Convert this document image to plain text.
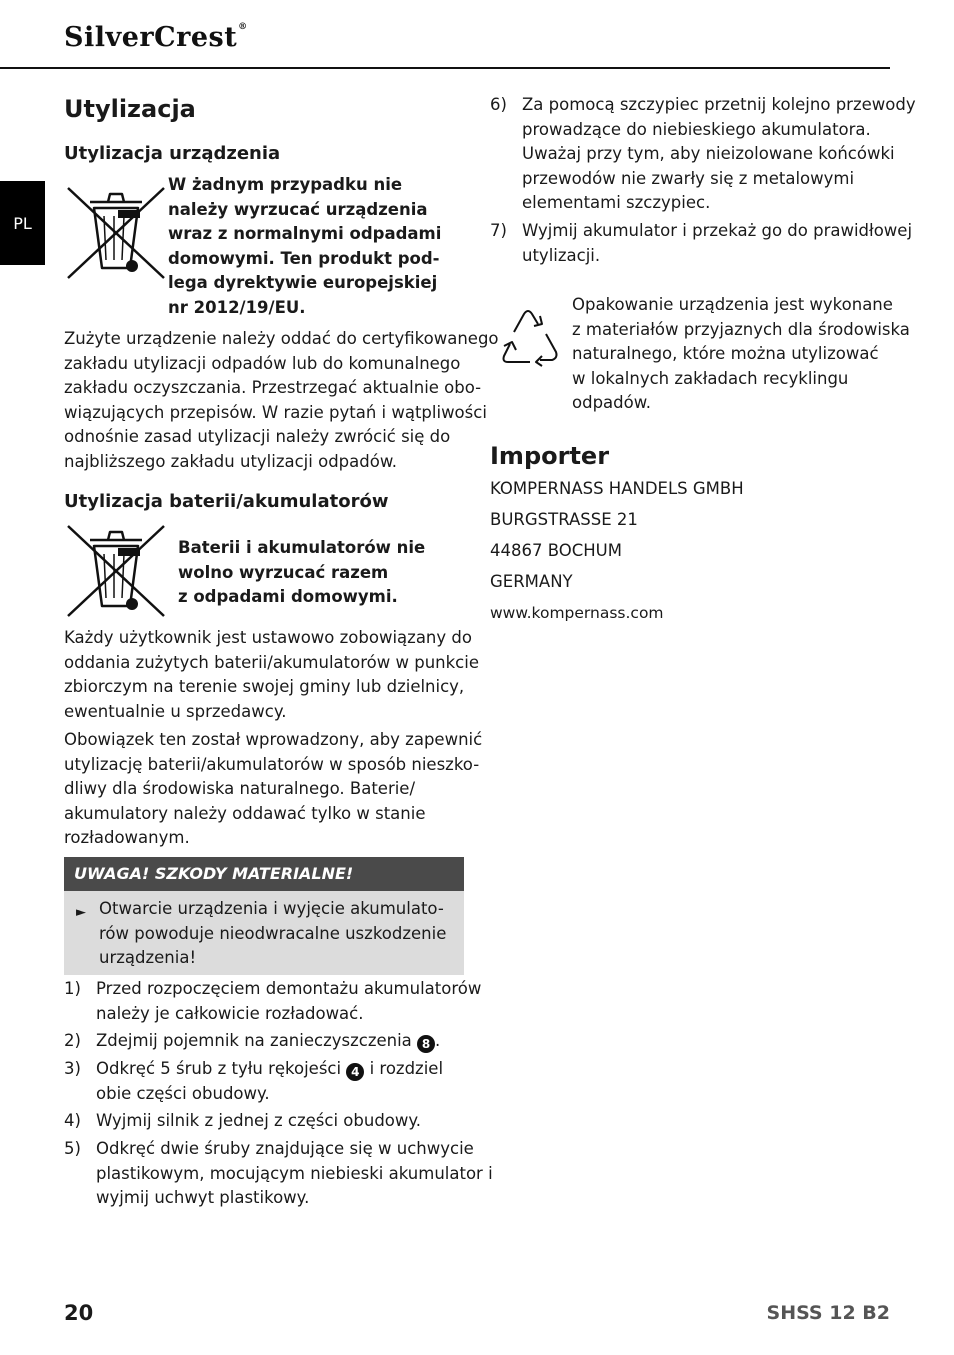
SilverCrest®
PL
Utylizacja
Utylizacja urządzenia
W żadnym przypadku nie
należy wyrzucać urządzenia
wraz z normalnymi odpadami
domowymi. Ten produkt pod-
lega dyrektywie europejskiej
nr 2012/19/EU.
Zużyte urządzenie należy oddać do certyfikowanego
zakładu utylizacji odpadów lub do komunalnego
zakładu oczyszczania. Przestrzegać aktualnie obo-
wiązujących przepisów. W razie pytań i wątpliwości
odnośnie zasad utylizacji należy zwrócić się do
najbliższego zakładu utylizacji odpadów.
Utylizacja baterii/akumulatorów
Baterii i akumulatorów nie
wolno wyrzucać razem
z odpadami domowymi.
Każdy użytkownik jest ustawowo zobowiązany do
oddania zużytych baterii/akumulatorów w punkcie
zbiorczym na terenie swojej gminy lub dzielnicy,
ewentualnie u sprzedawcy.
Obowiązek ten został wprowadzony, aby zapewnić
utylizację baterii/akumulatorów w sposób nieszko-
dliwy dla środowiska naturalnego. Baterie/
akumulatory należy oddawać tylko w stanie
rozładowanym.
UWAGA! SZKODY MATERIALNE!
► Otwarcie urządzenia i wyjęcie akumulato-
rów powoduje nieodwracalne uszkodzenie
urządzenia!
1) Przed rozpoczęciem demontażu akumulatorów
należy je całkowicie rozładować.
2) Zdejmij pojemnik na zanieczyszczenia 8 .
3) Odkręć 5 śrub z tyłu rękojeści 4 i rozdziel
obie części obudowy.
4) Wyjmij silnik z jednej z części obudowy.
5) Odkręć dwie śruby znajdujące się w uchwycie
plastikowym, mocującym niebieski akumulator i
wyjmij uchwyt plastikowy.
6) Za pomocą szczypiec przetnij kolejno przewody
prowadzące do niebieskiego akumulatora.
Uważaj przy tym, aby nieizolowane końcówki
przewodów nie zwarły się z metalowymi
elementami szczypiec.
7) Wyjmij akumulator i przekaż go do prawidłowej
utylizacji.
Opakowanie urządzenia jest wykonane
z materiałów przyjaznych dla środowiska
naturalnego, które można utylizować
w lokalnych zakładach recyklingu
odpadów.
Importer
KOMPERNASS HANDELS GMBH
BURGSTRASSE 21
44867 BOCHUM
GERMANY
www.kompernass.com
20	SHSS 12 B2
